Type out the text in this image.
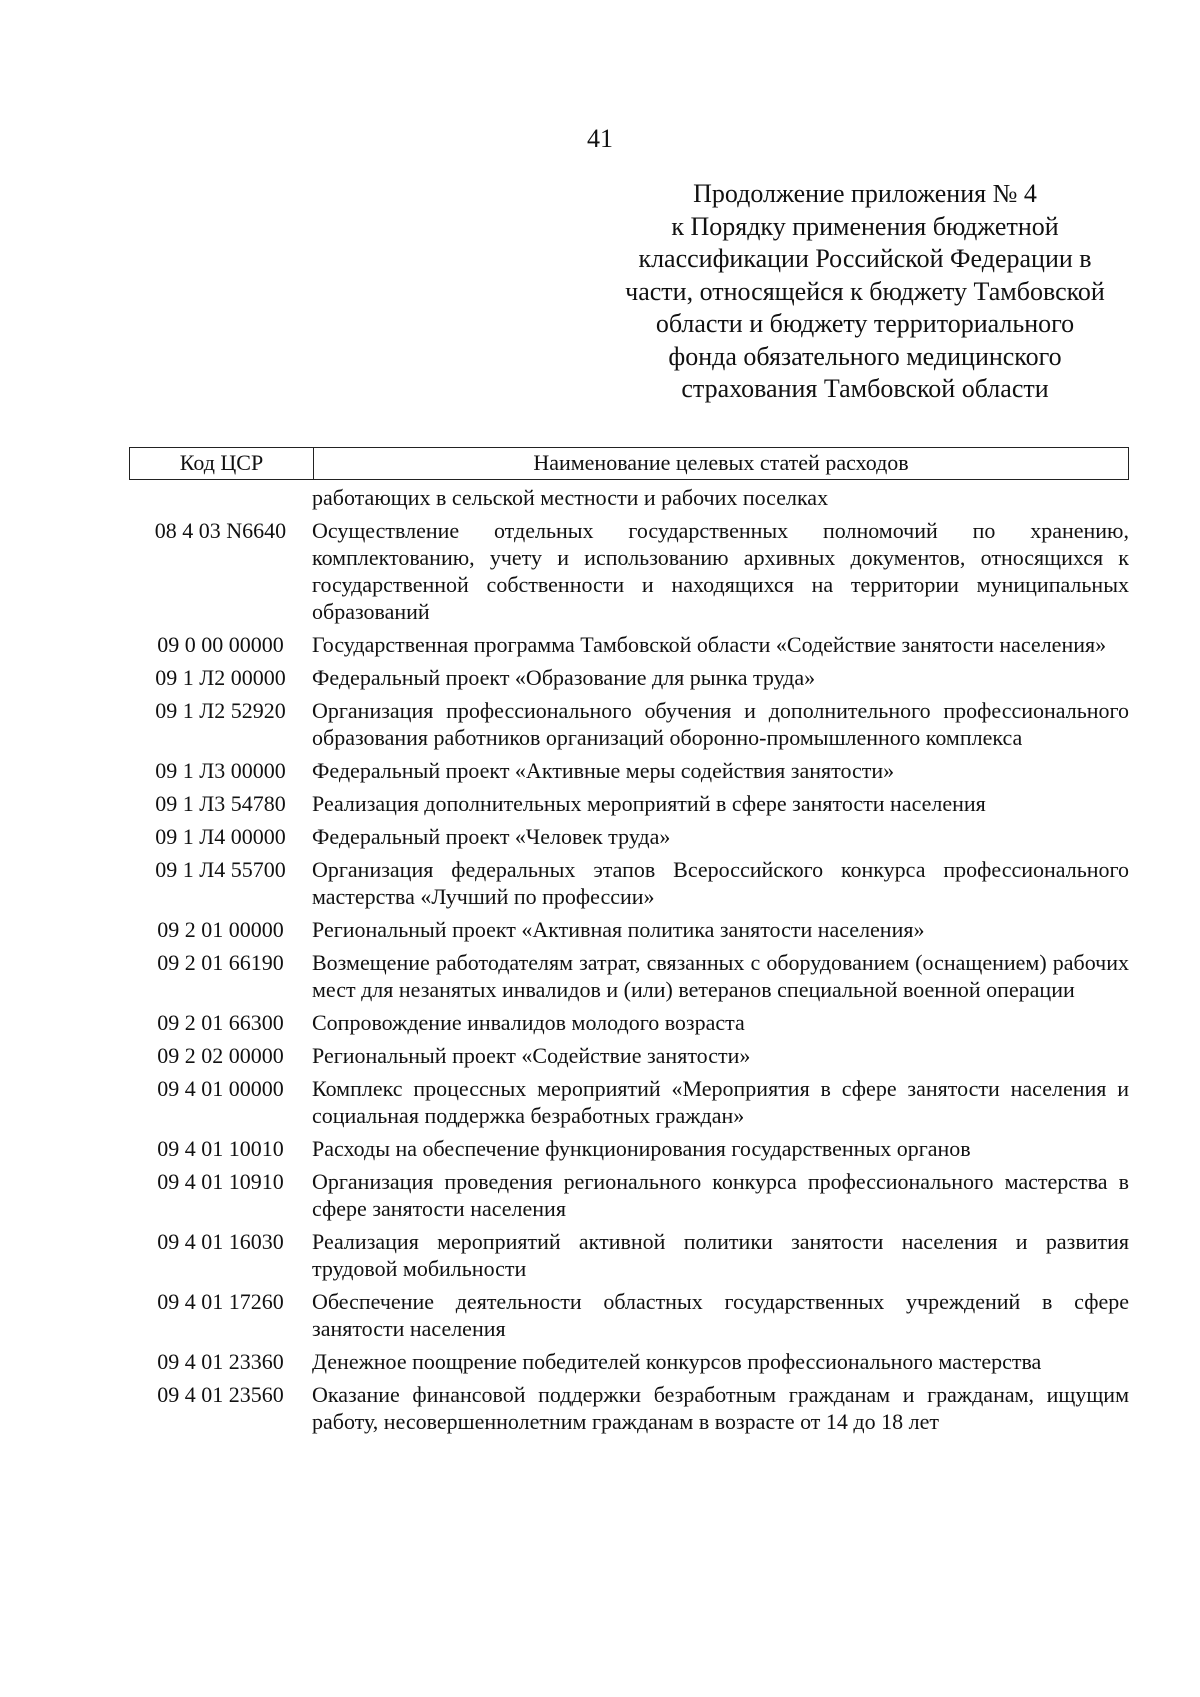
41
Продолжение приложения № 4
к Порядку применения бюджетной
классификации Российской Федерации в
части, относящейся к бюджету Тамбовской
области и бюджету территориального
фонда обязательного медицинского
страхования Тамбовской области
Код ЦСР	Наименование целевых статей расходов
работающих в сельской местности и рабочих поселках
08 4 03 N6640	Осуществление отдельных государственных полномочий по хранению, комплектованию, учету и использованию архивных документов, относящихся к государственной собственности и находящихся на территории муниципальных образований
09 0 00 00000	Государственная программа Тамбовской области «Содействие занятости населения»
09 1 Л2 00000	Федеральный проект «Образование для рынка труда»
09 1 Л2 52920	Организация профессионального обучения и дополнительного профессионального образования работников организаций оборонно-промышленного комплекса
09 1 Л3 00000	Федеральный проект «Активные меры содействия занятости»
09 1 Л3 54780	Реализация дополнительных мероприятий в сфере занятости населения
09 1 Л4 00000	Федеральный проект «Человек труда»
09 1 Л4 55700	Организация федеральных этапов Всероссийского конкурса профессионального мастерства «Лучший по профессии»
09 2 01 00000	Региональный проект «Активная политика занятости населения»
09 2 01 66190	Возмещение работодателям затрат, связанных с оборудованием (оснащением) рабочих мест для незанятых инвалидов и (или) ветеранов специальной военной операции
09 2 01 66300	Сопровождение инвалидов молодого возраста
09 2 02 00000	Региональный проект «Содействие занятости»
09 4 01 00000	Комплекс процессных мероприятий «Мероприятия в сфере занятости населения и социальная поддержка безработных граждан»
09 4 01 10010	Расходы на обеспечение функционирования государственных органов
09 4 01 10910	Организация проведения регионального конкурса профессионального мастерства в сфере занятости населения
09 4 01 16030	Реализация мероприятий активной политики занятости населения и развития трудовой мобильности
09 4 01 17260	Обеспечение деятельности областных государственных учреждений в сфере занятости населения
09 4 01 23360	Денежное поощрение победителей конкурсов профессионального мастерства
09 4 01 23560	Оказание финансовой поддержки безработным гражданам и гражданам, ищущим работу, несовершеннолетним гражданам в возрасте от 14 до 18 лет
